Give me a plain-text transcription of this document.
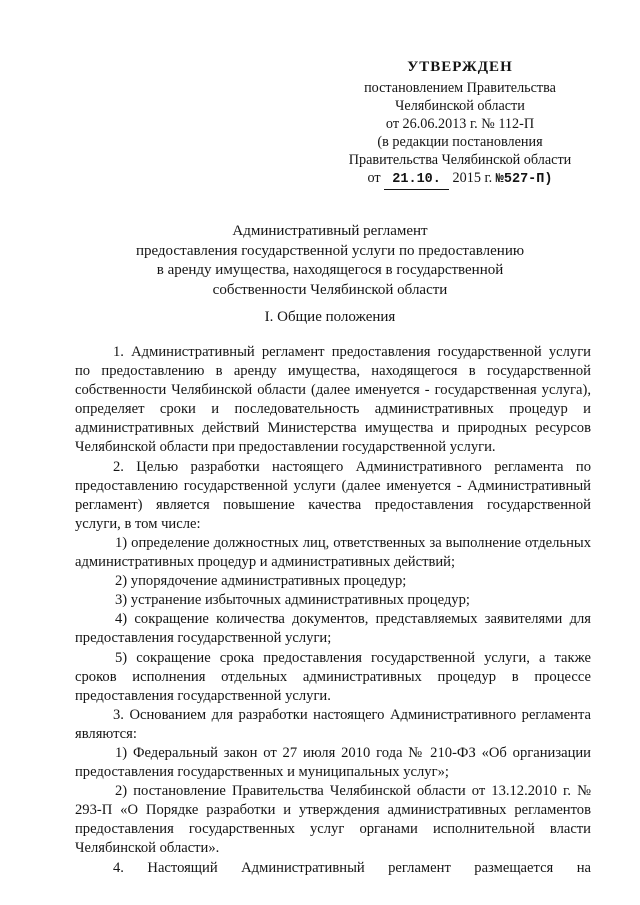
УТВЕРЖДЕН
постановлением Правительства
Челябинской области
от 26.06.2013 г. № 112-П
(в редакции постановления
Правительства Челябинской области
от  21.10.  2015 г. №527-П)
Административный регламент
предоставления государственной услуги по предоставлению
в аренду имущества, находящегося в государственной
собственности Челябинской области
I. Общие положения

1. Административный регламент предоставления государственной услуги по предоставлению в аренду имущества, находящегося в государственной собственности Челябинской области (далее именуется - государственная услуга), определяет сроки и последовательность административных процедур и административных действий Министерства имущества и природных ресурсов Челябинской области при предоставлении государственной услуги.

2. Целью разработки настоящего Административного регламента по предоставлению государственной услуги (далее именуется - Административный регламент) является повышение качества предоставления государственной услуги, в том числе:

1) определение должностных лиц, ответственных за выполнение отдельных административных процедур и административных действий;

2) упорядочение административных процедур;

3) устранение избыточных административных процедур;

4) сокращение количества документов, представляемых заявителями для предоставления государственной услуги;

5) сокращение срока предоставления государственной услуги, а также сроков исполнения отдельных административных процедур в процессе предоставления государственной услуги.

3. Основанием для разработки настоящего Административного регламента являются:

1) Федеральный закон от 27 июля 2010 года № 210-ФЗ «Об организации предоставления государственных и муниципальных услуг»;

2) постановление Правительства Челябинской области от 13.12.2010 г. № 293-П «О Порядке разработки и утверждения административных регламентов предоставления государственных услуг органами исполнительной власти Челябинской области».

4. Настоящий Административный регламент размещается на
